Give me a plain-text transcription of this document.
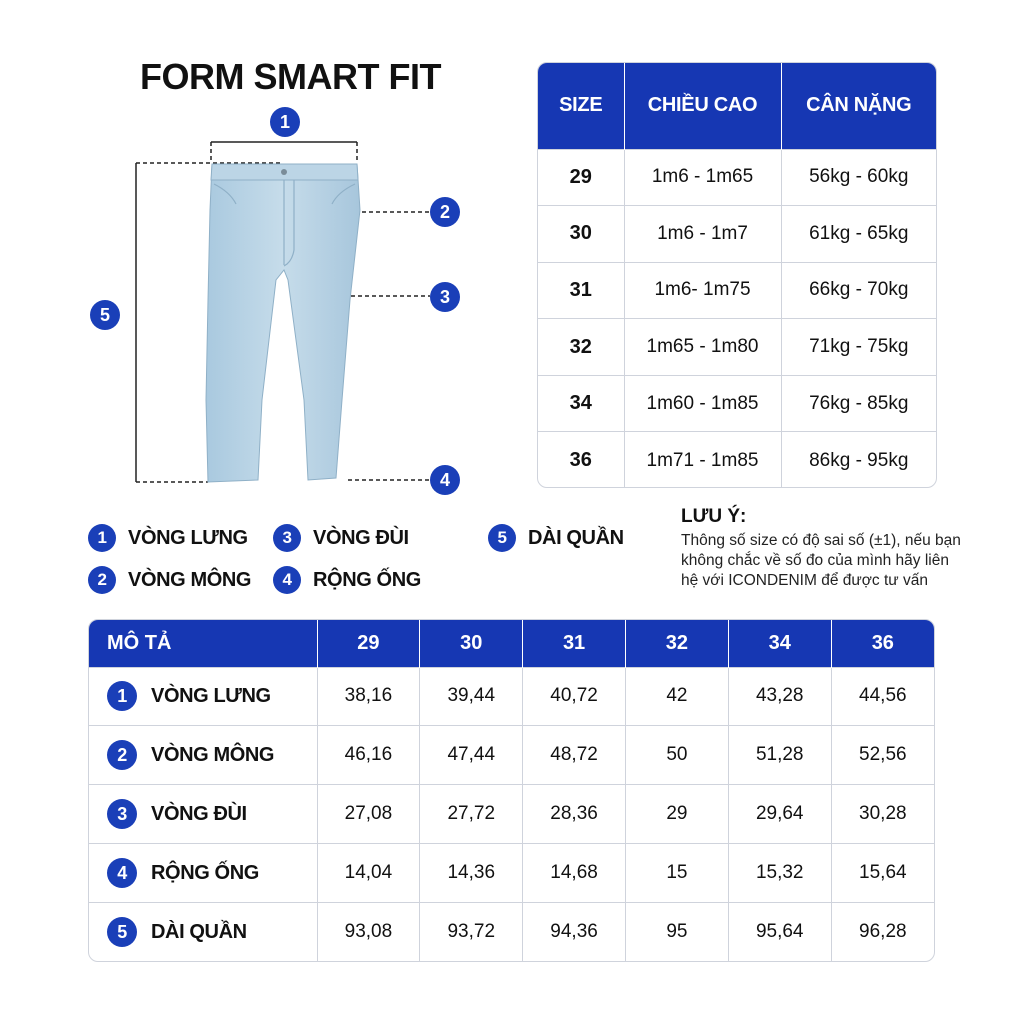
FORM SMART FIT
1
2
3
4
5
SIZE	CHIỀU CAO	CÂN NẶNG
29	1m6 - 1m65	56kg - 60kg
30	1m6 - 1m7	61kg - 65kg
31	1m6- 1m75	66kg - 70kg
32	1m65 - 1m80	71kg - 75kg
34	1m60 - 1m85	76kg - 85kg
36	1m71 - 1m85	86kg - 95kg
1	VÒNG LƯNG
2	VÒNG MÔNG
3	VÒNG ĐÙI
4	RỘNG ỐNG
5	DÀI QUẦN
LƯU Ý:
Thông số size có độ sai số (±1), nếu bạn không chắc về số đo của mình hãy liên hệ với ICONDENIM để được tư vấn
MÔ TẢ	29	30	31	32	34	36

1 VÒNG LƯNG	38,16	39,44	40,72	42	43,28	44,56

2 VÒNG MÔNG	46,16	47,44	48,72	50	51,28	52,56

3 VÒNG ĐÙI	27,08	27,72	28,36	29	29,64	30,28

4 RỘNG ỐNG	14,04	14,36	14,68	15	15,32	15,64

5 DÀI QUẦN	93,08	93,72	94,36	95	95,64	96,28
